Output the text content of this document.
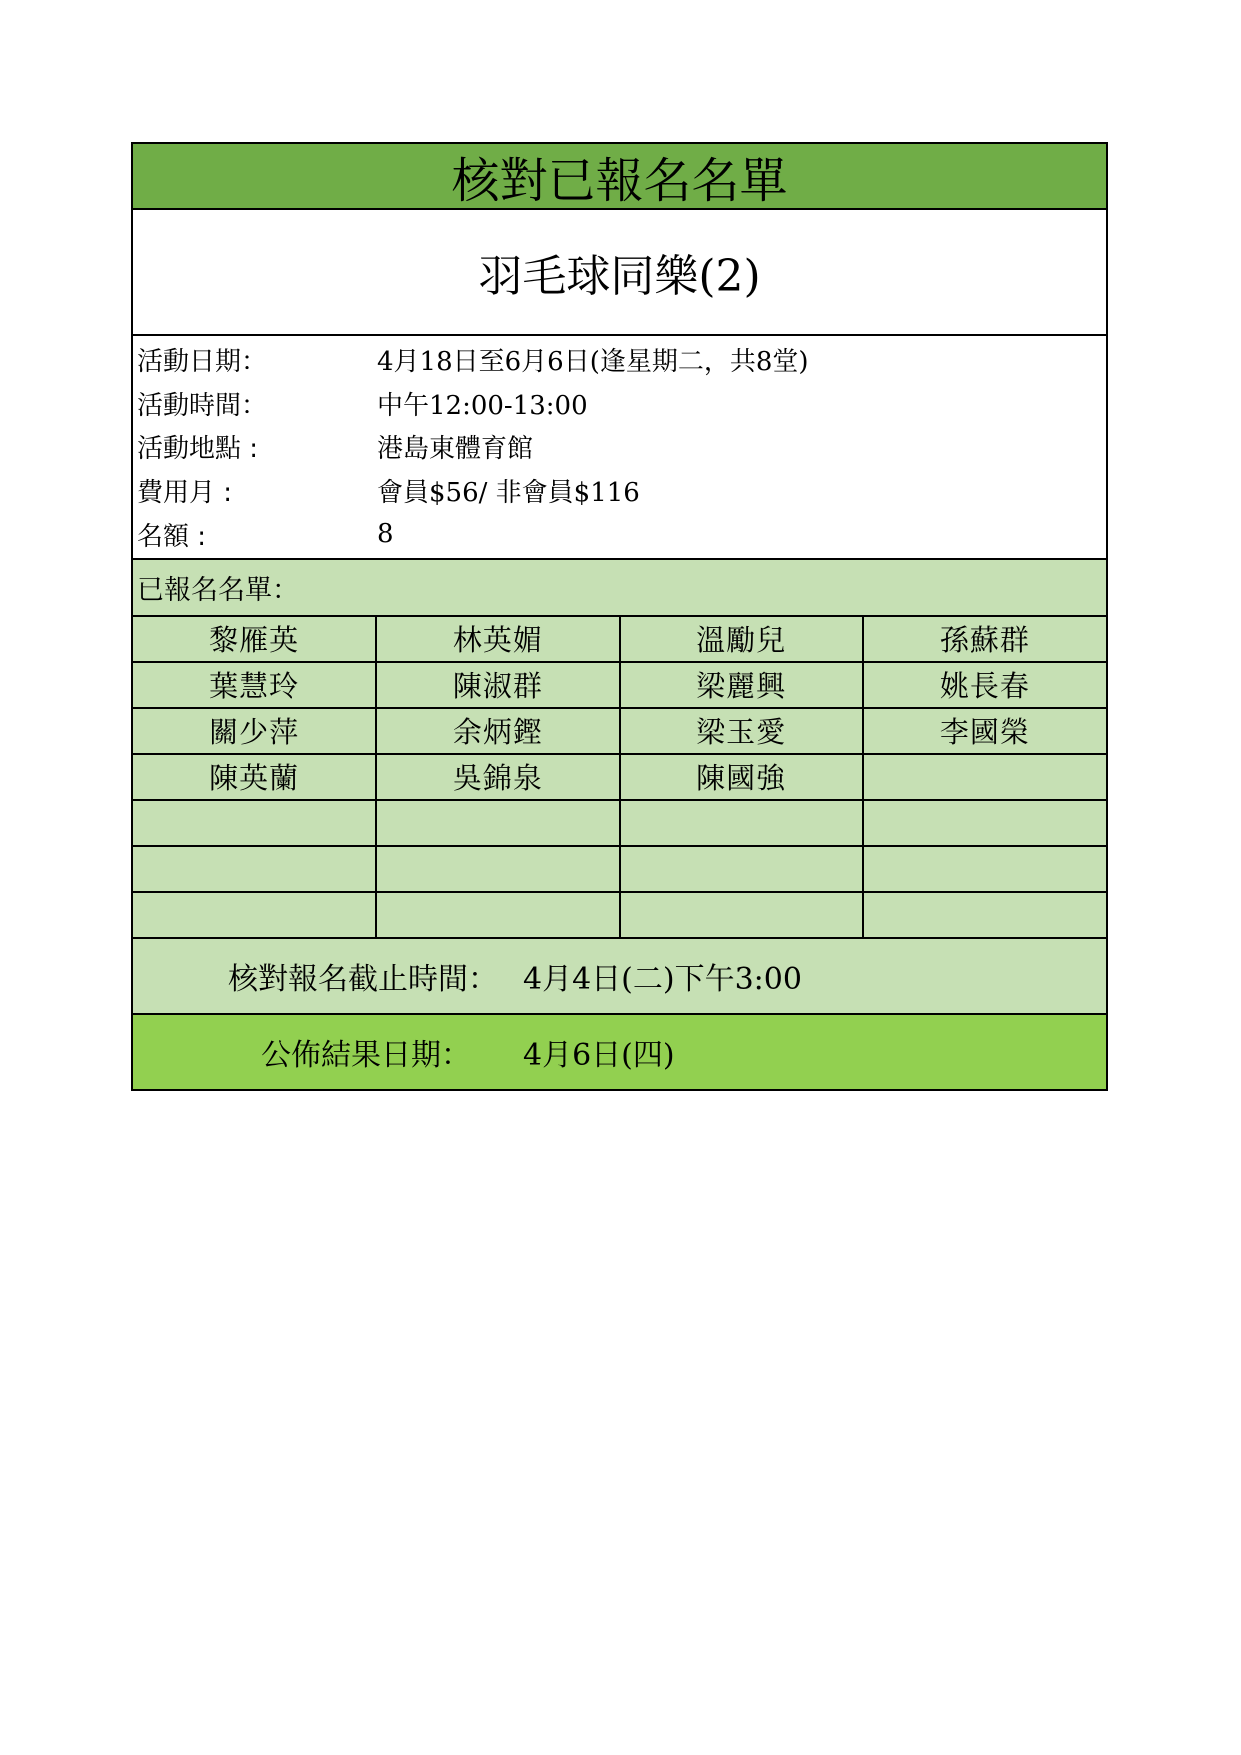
核對已報名名單
羽毛球同樂(2)
活動日期：	4月18日至6月6日(逢星期二，共8堂)
活動時間：	中午12:00-13:00
活動地點 :	港島東體育館
費用月 :	會員$56/ 非會員$116
名額 :	8
已報名名單：
黎雁英	林英媚	溫勵兒	孫蘇群
葉慧玲	陳淑群	梁麗興	姚長春
關少萍	余炳鏗	梁玉愛	李國榮
陳英蘭	吳錦泉	陳國強	

核對報名截止時間： 4月4日(二)下午3:00
公佈結果日期：	4月6日(四)
